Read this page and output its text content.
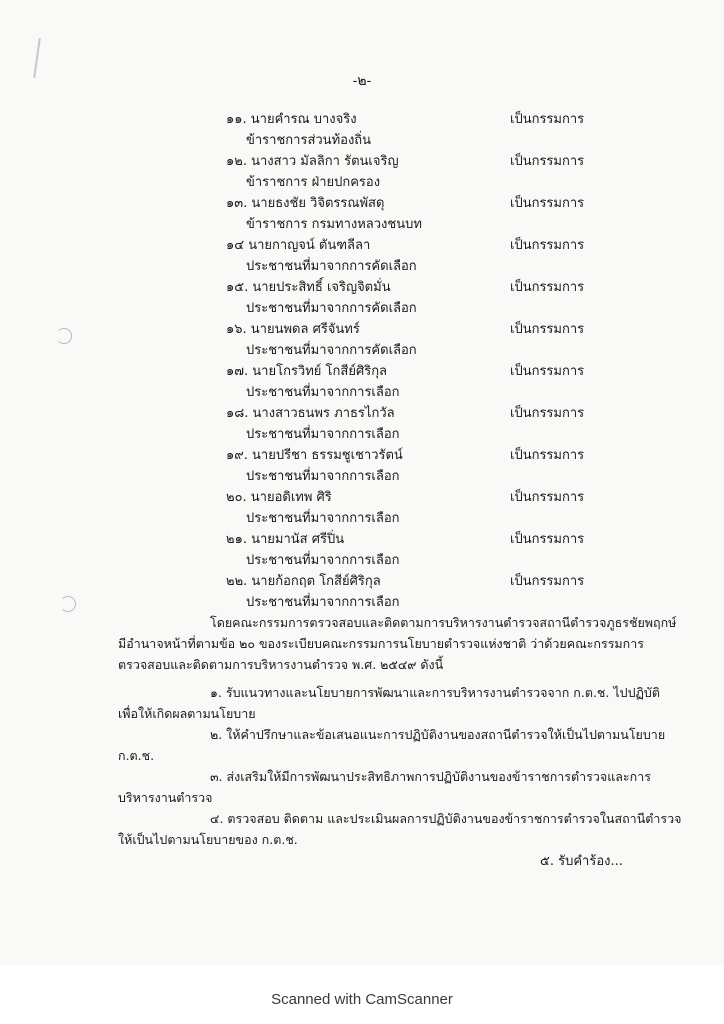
-๒-
๑๑. นายคำรณ บางจริง	เป็นกรรมการ
ข้าราชการส่วนท้องถิ่น
๑๒. นางสาว มัลลิกา รัตนเจริญ	เป็นกรรมการ
ข้าราชการ ฝ่ายปกครอง
๑๓. นายธงชัย วิจิตรรณพัสดุ	เป็นกรรมการ
ข้าราชการ กรมทางหลวงชนบท
๑๔ นายกาญจน์ ตันฑลีลา	เป็นกรรมการ
ประชาชนที่มาจากการคัดเลือก
๑๕. นายประสิทธิ์ เจริญจิตมั่น	เป็นกรรมการ
ประชาชนที่มาจากการคัดเลือก
๑๖. นายนพดล ศรีจันทร์	เป็นกรรมการ
ประชาชนที่มาจากการคัดเลือก
๑๗. นายโกรวิทย์ โกสีย์ศิริกุล	เป็นกรรมการ
ประชาชนที่มาจากการเลือก
๑๘. นางสาวธนพร ภาธรไกวัล	เป็นกรรมการ
ประชาชนที่มาจากการเลือก
๑๙. นายปรีชา ธรรมชูเชาวรัตน์	เป็นกรรมการ
ประชาชนที่มาจากการเลือก
๒๐. นายอดิเทพ ศิริ	เป็นกรรมการ
ประชาชนที่มาจากการเลือก
๒๑. นายมานัส ศรีปิ่น	เป็นกรรมการ
ประชาชนที่มาจากการเลือก
๒๒. นายก้อกฤต โกสีย์ศิริกุล	เป็นกรรมการ
ประชาชนที่มาจากการเลือก
โดยคณะกรรมการตรวจสอบและติดตามการบริหารงานตำรวจสถานีตำรวจภูธรชัยพฤกษ์
มีอำนาจหน้าที่ตามข้อ ๒๐ ของระเบียบคณะกรรมการนโยบายตำรวจแห่งชาติ ว่าด้วยคณะกรรมการ
ตรวจสอบและติดตามการบริหารงานตำรวจ พ.ศ. ๒๕๔๙ ดังนี้
๑. รับแนวทางและนโยบายการพัฒนาและการบริหารงานตำรวจจาก ก.ต.ช. ไปปฏิบัติ
เพื่อให้เกิดผลตามนโยบาย
๒. ให้คำปรึกษาและข้อเสนอแนะการปฏิบัติงานของสถานีตำรวจให้เป็นไปตามนโยบาย
ก.ต.ช.
๓. ส่งเสริมให้มีการพัฒนาประสิทธิภาพการปฏิบัติงานของข้าราชการตำรวจและการ
บริหารงานตำรวจ
๔. ตรวจสอบ ติดตาม และประเมินผลการปฏิบัติงานของข้าราชการตำรวจในสถานีตำรวจ
ให้เป็นไปตามนโยบายของ ก.ต.ช.
๕. รับคำร้อง...
Scanned with CamScanner
